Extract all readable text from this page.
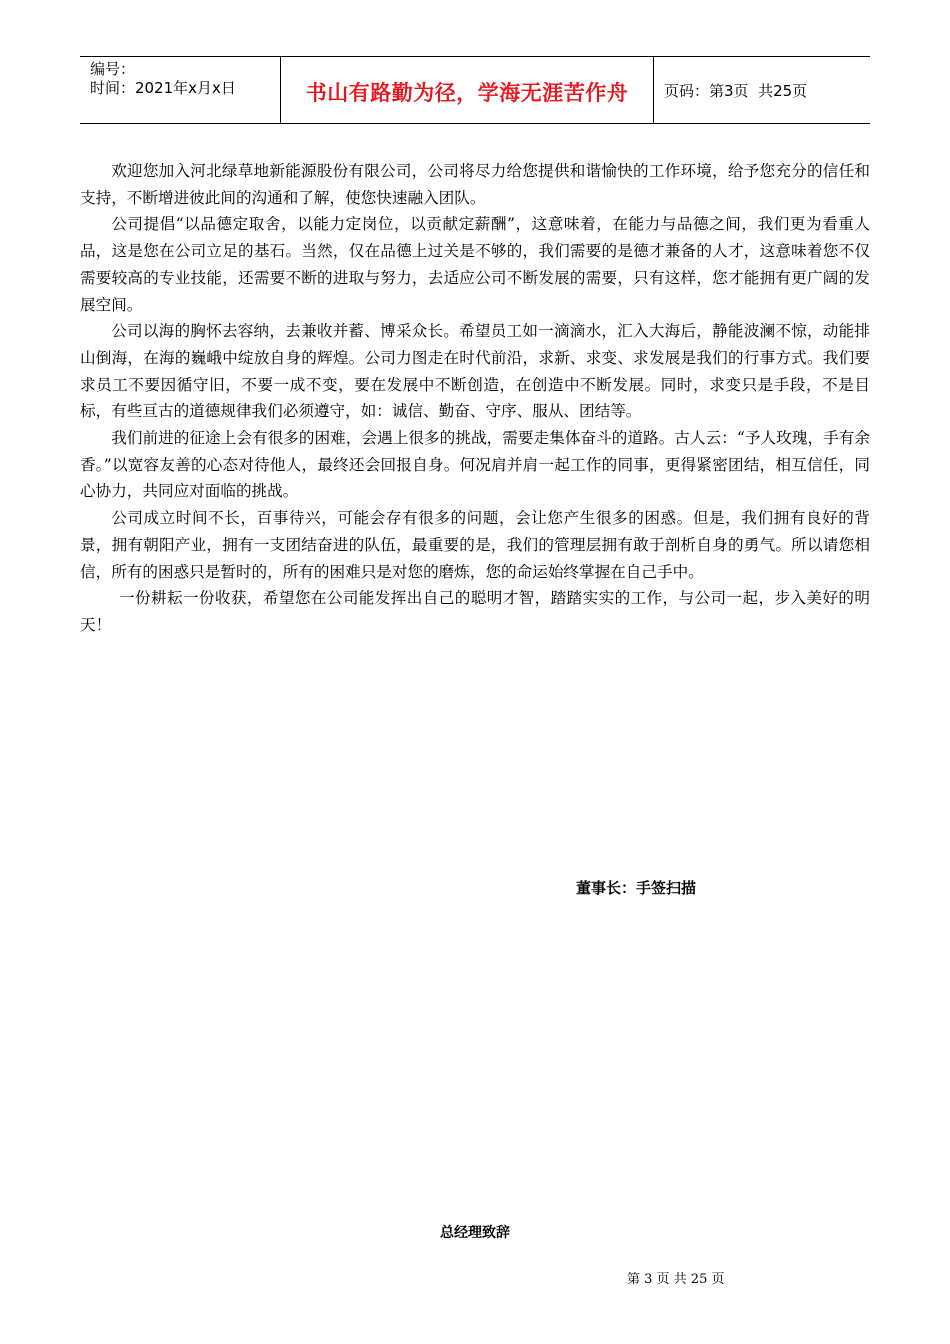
编号：
时间：2021年x月x日	书山有路勤为径，学海无涯苦作舟	页码：第3页  共25页

欢迎您加入河北绿草地新能源股份有限公司，公司将尽力给您提供和谐愉快的工作环境，给予您充分的信任和支持，不断增进彼此间的沟通和了解，使您快速融入团队。

公司提倡“以品德定取舍，以能力定岗位，以贡献定薪酬”，这意味着，在能力与品德之间，我们更为看重人品，这是您在公司立足的基石。当然，仅在品德上过关是不够的，我们需要的是德才兼备的人才，这意味着您不仅需要较高的专业技能，还需要不断的进取与努力，去适应公司不断发展的需要，只有这样，您才能拥有更广阔的发展空间。

公司以海的胸怀去容纳，去兼收并蓄、博采众长。希望员工如一滴滴水，汇入大海后，静能波澜不惊，动能排山倒海，在海的巍峨中绽放自身的辉煌。公司力图走在时代前沿，求新、求变、求发展是我们的行事方式。我们要求员工不要因循守旧，不要一成不变，要在发展中不断创造，在创造中不断发展。同时，求变只是手段，不是目标，有些亘古的道德规律我们必须遵守，如：诚信、勤奋、守序、服从、团结等。

我们前进的征途上会有很多的困难，会遇上很多的挑战，需要走集体奋斗的道路。古人云：“予人玫瑰，手有余香。”以宽容友善的心态对待他人，最终还会回报自身。何况肩并肩一起工作的同事，更得紧密团结，相互信任，同心协力，共同应对面临的挑战。

公司成立时间不长，百事待兴，可能会存有很多的问题，会让您产生很多的困惑。但是，我们拥有良好的背景，拥有朝阳产业，拥有一支团结奋进的队伍，最重要的是，我们的管理层拥有敢于剖析自身的勇气。所以请您相信，所有的困惑只是暂时的，所有的困难只是对您的磨炼，您的命运始终掌握在自己手中。

一份耕耘一份收获，希望您在公司能发挥出自己的聪明才智，踏踏实实的工作，与公司一起，步入美好的明天！

董事长：手签扫描
总经理致辞
第 3 页 共 25 页
